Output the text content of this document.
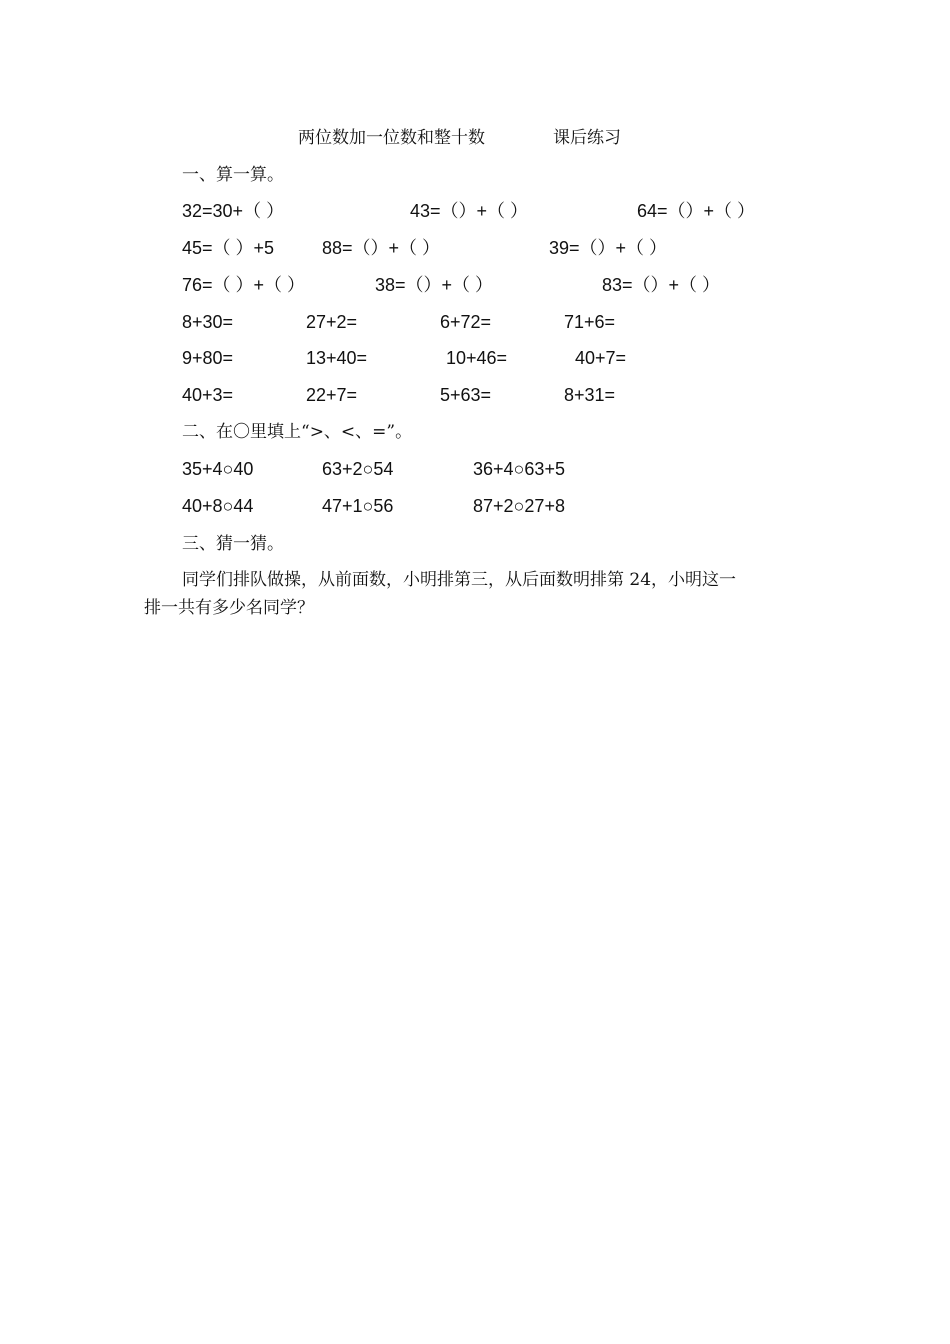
两位数加一位数和整十数	课后练习
一、算一算。
32=30+（ ）	43=（）+（ ）	64=（）+（ ）
45=（ ）+5	88=（）+（ ）	39=（）+（ ）
76=（ ）+（ ）	38=（）+（ ）	83=（）+（ ）
8+30=	27+2=	6+72=	71+6=
9+80=	13+40=	10+46=	40+7=
40+3=	22+7=	5+63=	8+31=
二、在〇里填上“>、<、=”。
35+4○40	63+2○54	36+4○63+5
40+8○44	47+1○56	87+2○27+8
三、猜一猜。
同学们排队做操，从前面数，小明排第三，从后面数明排第 24，小明这一
排一共有多少名同学？
